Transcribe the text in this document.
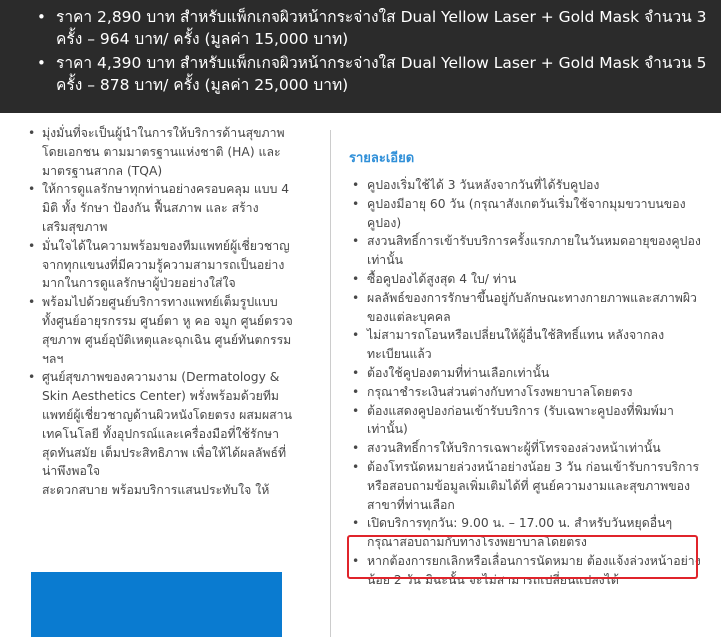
• ราคา 2,890 บาท สำหรับแพ็กเกจผิวหน้ากระจ่างใส Dual Yellow Laser + Gold Mask จำนวน 3 ครั้ง – 964 บาท/ ครั้ง (มูลค่า 15,000 บาท)
• ราคา 4,390 บาท สำหรับแพ็กเกจผิวหน้ากระจ่างใส Dual Yellow Laser + Gold Mask จำนวน 5 ครั้ง – 878 บาท/ ครั้ง (มูลค่า 25,000 บาท)
• มุ่งมั่นที่จะเป็นผู้นำในการให้บริการด้านสุขภาพโดยเอกชน ตามมาตรฐานแห่งชาติ (HA) และมาตรฐานสากล (TQA)
• ให้การดูแลรักษาทุกท่านอย่างครอบคลุม แบบ 4 มิติ ทั้ง รักษา ป้องกัน ฟื้นสภาพ และ สร้างเสริมสุขภาพ
• มั่นใจได้ในความพร้อมของทีมแพทย์ผู้เชี่ยวชาญจากทุกแขนงที่มีความรู้ความสามารถเป็นอย่างมากในการดูแลรักษาผู้ป่วยอย่างใส่ใจ
• พร้อมไปด้วยศูนย์บริการทางแพทย์เต็มรูปแบบ ทั้งศูนย์อายุรกรรม ศูนย์ตา หู คอ จมูก ศูนย์ตรวจสุขภาพ ศูนย์อุบัติเหตุและฉุกเฉิน ศูนย์ทันตกรรม ฯลฯ
• ศูนย์สุขภาพของความงาม (Dermatology & Skin Aesthetics Center) พรั่งพร้อมด้วยทีมแพทย์ผู้เชี่ยวชาญด้านผิวหนังโดยตรง ผสมผสานเทคโนโลยี ทั้งอุปกรณ์และเครื่องมือที่ใช้รักษาสุดทันสมัย เต็มประสิทธิภาพ เพื่อให้ได้ผลลัพธ์ที่น่าพึงพอใจ
สะดวกสบาย พร้อมบริการแสนประทับใจ ให้
รายละเอียด
• คูปองเริ่มใช้ได้ 3 วันหลังจากวันที่ได้รับคูปอง
• คูปองมีอายุ 60 วัน (กรุณาสังเกตวันเริ่มใช้จากมุมขวาบนของคูปอง)
• สงวนสิทธิ์การเข้ารับบริการครั้งแรกภายในวันหมดอายุของคูปองเท่านั้น
• ซื้อคูปองได้สูงสุด 4 ใบ/ ท่าน
• ผลลัพธ์ของการรักษาขึ้นอยู่กับลักษณะทางกายภาพและสภาพผิวของแต่ละบุคคล
• ไม่สามารถโอนหรือเปลี่ยนให้ผู้อื่นใช้สิทธิ์แทน หลังจากลงทะเบียนแล้ว
• ต้องใช้คูปองตามที่ท่านเลือกเท่านั้น
• กรุณาชำระเงินส่วนต่างกับทางโรงพยาบาลโดยตรง
• ต้องแสดงคูปองก่อนเข้ารับบริการ (รับเฉพาะคูปองที่พิมพ์มาเท่านั้น)
• สงวนสิทธิ์การให้บริการเฉพาะผู้ที่โทรจองล่วงหน้าเท่านั้น
• ต้องโทรนัดหมายล่วงหน้าอย่างน้อย 3 วัน ก่อนเข้ารับการบริการ หรือสอบถามข้อมูลเพิ่มเติมได้ที่ ศูนย์ความงามและสุขภาพของสาขาที่ท่านเลือก
• เปิดบริการทุกวัน: 9.00 น. – 17.00 น. สำหรับวันหยุดอื่นๆ กรุณาสอบถามกับทางโรงพยาบาลโดยตรง
• หากต้องการยกเลิกหรือเลื่อนการนัดหมาย ต้องแจ้งล่วงหน้าอย่างน้อย 2 วัน มิฉะนั้น จะไม่สามารถเปลี่ยนแปลงได้
